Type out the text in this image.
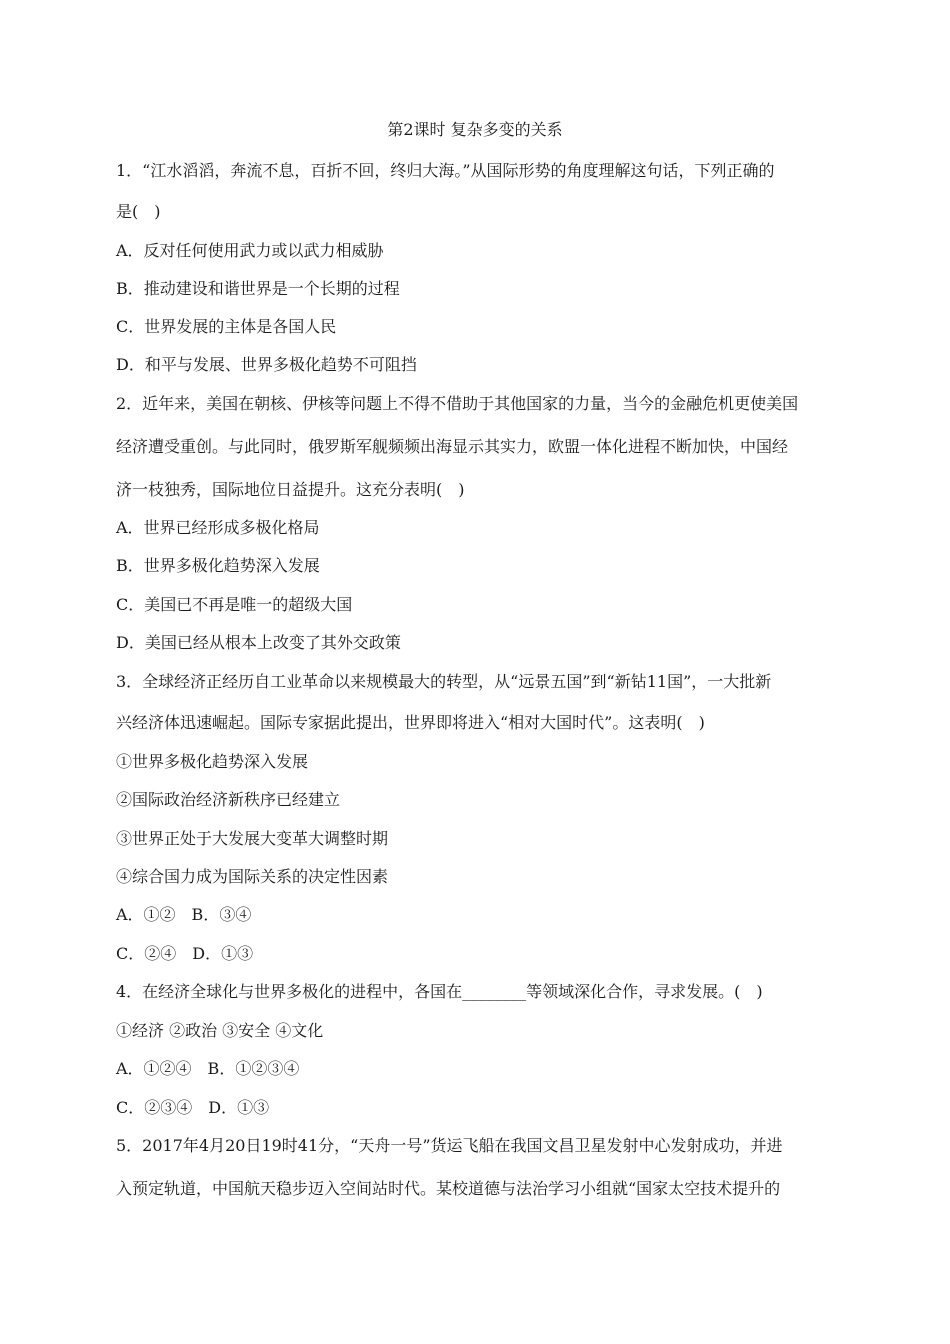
第2课时 复杂多变的关系
1．“江水滔滔，奔流不息，百折不回，终归大海。”从国际形势的角度理解这句话，下列正确的
是(　)
A．反对任何使用武力或以武力相威胁
B．推动建设和谐世界是一个长期的过程
C．世界发展的主体是各国人民
D．和平与发展、世界多极化趋势不可阻挡
2．近年来，美国在朝核、伊核等问题上不得不借助于其他国家的力量，当今的金融危机更使美国
经济遭受重创。与此同时，俄罗斯军舰频频出海显示其实力，欧盟一体化进程不断加快，中国经
济一枝独秀，国际地位日益提升。这充分表明(　)
A．世界已经形成多极化格局
B．世界多极化趋势深入发展
C．美国已不再是唯一的超级大国
D．美国已经从根本上改变了其外交政策
3．全球经济正经历自工业革命以来规模最大的转型，从“远景五国”到“新钻11国”，一大批新
兴经济体迅速崛起。国际专家据此提出，世界即将进入“相对大国时代”。这表明(　)
①世界多极化趋势深入发展
②国际政治经济新秩序已经建立
③世界正处于大发展大变革大调整时期
④综合国力成为国际关系的决定性因素
A．①②　B．③④
C．②④　D．①③
4．在经济全球化与世界多极化的进程中，各国在________等领域深化合作，寻求发展。(　)
①经济 ②政治 ③安全 ④文化
A．①②④　B．①②③④
C．②③④　D．①③
5．2017年4月20日19时41分，“天舟一号”货运飞船在我国文昌卫星发射中心发射成功，并进
入预定轨道，中国航天稳步迈入空间站时代。某校道德与法治学习小组就“国家太空技术提升的
